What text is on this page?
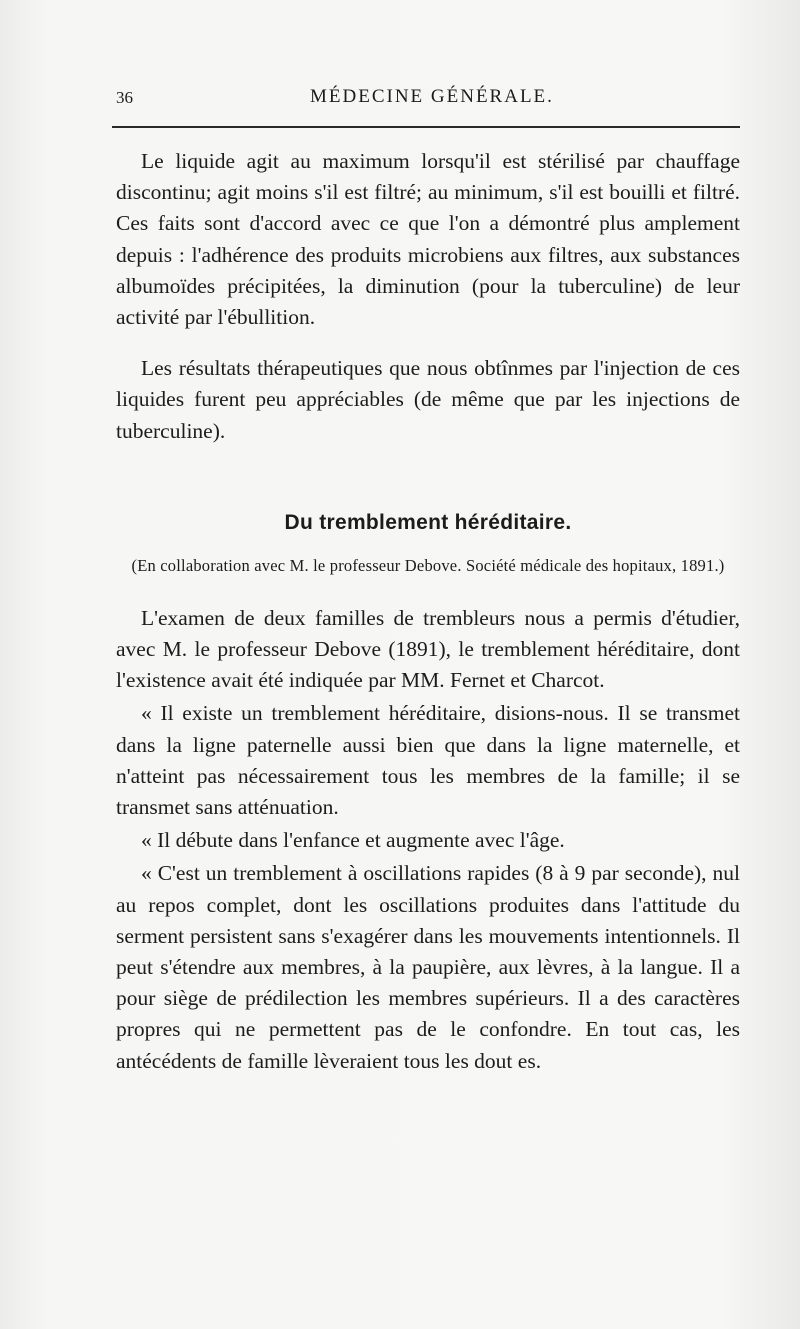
36	MÉDECINE GÉNÉRALE.

Le liquide agit au maximum lorsqu'il est stérilisé par chauffage discontinu; agit moins s'il est filtré; au minimum, s'il est bouilli et filtré. Ces faits sont d'accord avec ce que l'on a démontré plus amplement depuis : l'adhérence des produits microbiens aux filtres, aux substances albumoïdes précipitées, la diminution (pour la tuberculine) de leur activité par l'ébullition.

Les résultats thérapeutiques que nous obtînmes par l'injection de ces liquides furent peu appréciables (de même que par les injections de tuberculine).

Du tremblement héréditaire.

(En collaboration avec M. le professeur Debove. Société médicale des hopitaux, 1891.)

L'examen de deux familles de trembleurs nous a permis d'étudier, avec M. le professeur Debove (1891), le tremblement héréditaire, dont l'existence avait été indiquée par MM. Fernet et Charcot.

« Il existe un tremblement héréditaire, disions-nous. Il se transmet dans la ligne paternelle aussi bien que dans la ligne maternelle, et n'atteint pas nécessairement tous les membres de la famille; il se transmet sans atténuation.

« Il débute dans l'enfance et augmente avec l'âge.

« C'est un tremblement à oscillations rapides (8 à 9 par seconde), nul au repos complet, dont les oscillations produites dans l'attitude du serment persistent sans s'exagérer dans les mouvements intentionnels. Il peut s'étendre aux membres, à la paupière, aux lèvres, à la langue. Il a pour siège de prédilection les membres supérieurs. Il a des caractères propres qui ne permettent pas de le confondre. En tout cas, les antécédents de famille lèveraient tous les dout es.
